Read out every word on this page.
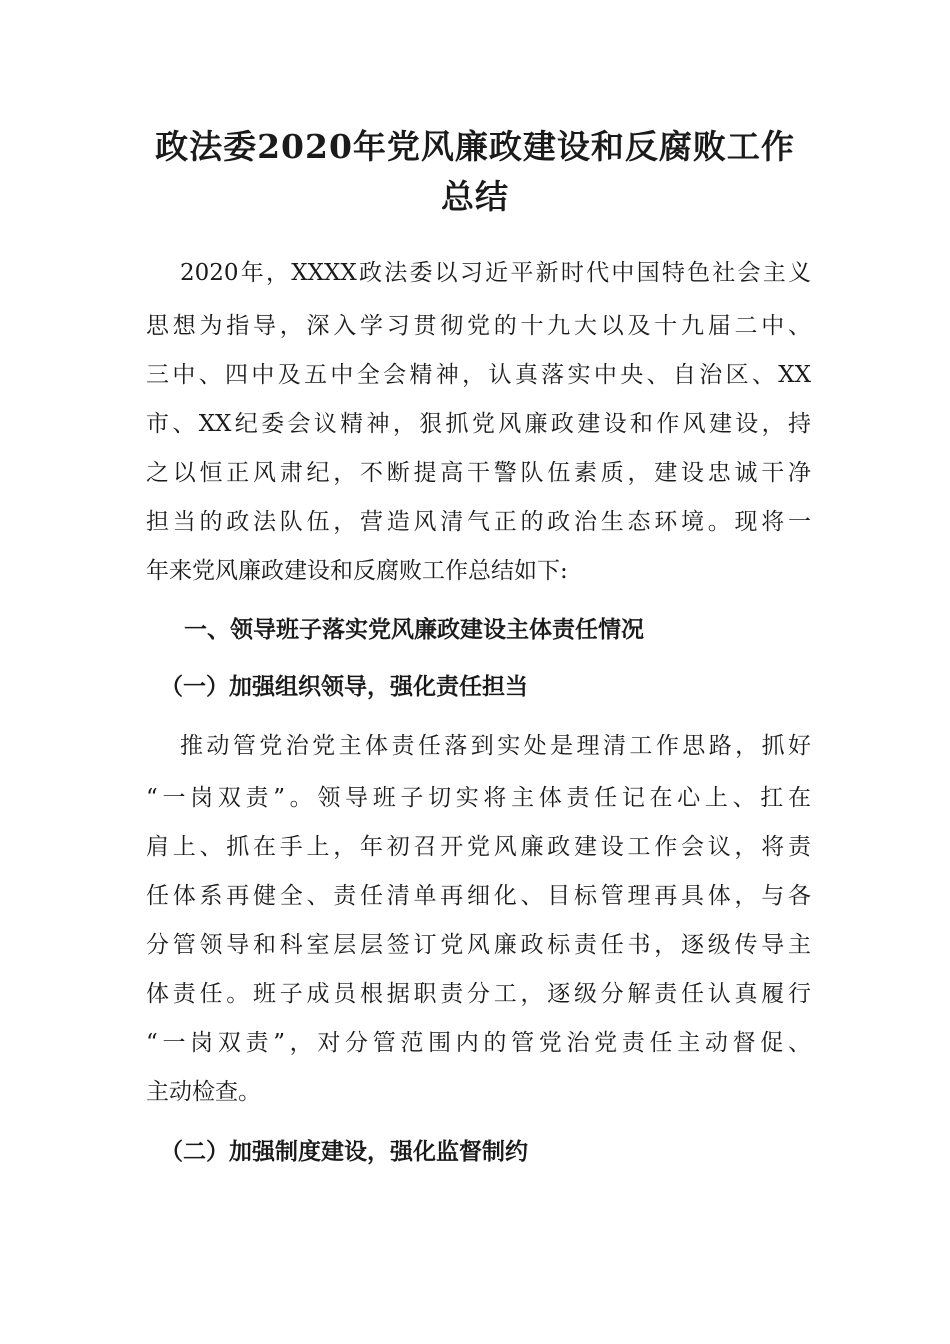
政法委2020年党风廉政建设和反腐败工作
总结

2020年，XXXX政法委以习近平新时代中国特色社会主义

思想为指导，深入学习贯彻党的十九大以及十九届二中、

三中、四中及五中全会精神，认真落实中央、自治区、XX

市、XX纪委会议精神，狠抓党风廉政建设和作风建设，持

之以恒正风肃纪，不断提高干警队伍素质，建设忠诚干净

担当的政法队伍，营造风清气正的政治生态环境。现将一

年来党风廉政建设和反腐败工作总结如下:

一、领导班子落实党风廉政建设主体责任情况
（一）加强组织领导，强化责任担当

推动管党治党主体责任落到实处是理清工作思路，抓好

“一岗双责”。领导班子切实将主体责任记在心上、扛在

肩上、抓在手上，年初召开党风廉政建设工作会议，将责

任体系再健全、责任清单再细化、目标管理再具体，与各

分管领导和科室层层签订党风廉政标责任书，逐级传导主

体责任。班子成员根据职责分工，逐级分解责任认真履行

“一岗双责”，对分管范围内的管党治党责任主动督促、

主动检查。

（二）加强制度建设，强化监督制约
